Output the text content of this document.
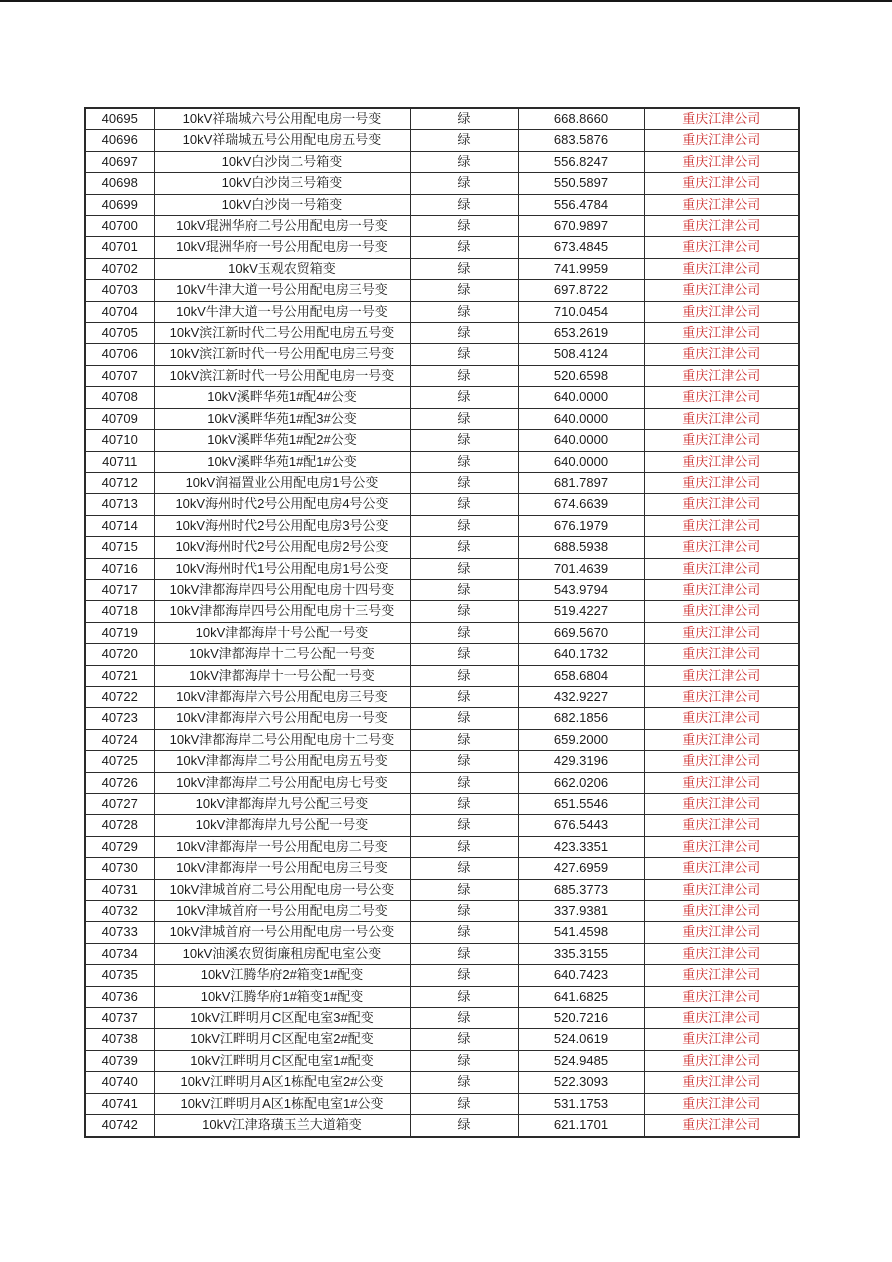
40695	10kV祥瑞城六号公用配电房一号变	绿	668.8660	重庆江津公司
40696	10kV祥瑞城五号公用配电房五号变	绿	683.5876	重庆江津公司
40697	10kV白沙岗二号箱变	绿	556.8247	重庆江津公司
40698	10kV白沙岗三号箱变	绿	550.5897	重庆江津公司
40699	10kV白沙岗一号箱变	绿	556.4784	重庆江津公司
40700	10kV琨洲华府二号公用配电房一号变	绿	670.9897	重庆江津公司
40701	10kV琨洲华府一号公用配电房一号变	绿	673.4845	重庆江津公司
40702	10kV玉观农贸箱变	绿	741.9959	重庆江津公司
40703	10kV牛津大道一号公用配电房三号变	绿	697.8722	重庆江津公司
40704	10kV牛津大道一号公用配电房一号变	绿	710.0454	重庆江津公司
40705	10kV滨江新时代二号公用配电房五号变	绿	653.2619	重庆江津公司
40706	10kV滨江新时代一号公用配电房三号变	绿	508.4124	重庆江津公司
40707	10kV滨江新时代一号公用配电房一号变	绿	520.6598	重庆江津公司
40708	10kV溪畔华苑1#配4#公变	绿	640.0000	重庆江津公司
40709	10kV溪畔华苑1#配3#公变	绿	640.0000	重庆江津公司
40710	10kV溪畔华苑1#配2#公变	绿	640.0000	重庆江津公司
40711	10kV溪畔华苑1#配1#公变	绿	640.0000	重庆江津公司
40712	10kV润福置业公用配电房1号公变	绿	681.7897	重庆江津公司
40713	10kV海州时代2号公用配电房4号公变	绿	674.6639	重庆江津公司
40714	10kV海州时代2号公用配电房3号公变	绿	676.1979	重庆江津公司
40715	10kV海州时代2号公用配电房2号公变	绿	688.5938	重庆江津公司
40716	10kV海州时代1号公用配电房1号公变	绿	701.4639	重庆江津公司
40717	10kV津都海岸四号公用配电房十四号变	绿	543.9794	重庆江津公司
40718	10kV津都海岸四号公用配电房十三号变	绿	519.4227	重庆江津公司
40719	10kV津都海岸十号公配一号变	绿	669.5670	重庆江津公司
40720	10kV津都海岸十二号公配一号变	绿	640.1732	重庆江津公司
40721	10kV津都海岸十一号公配一号变	绿	658.6804	重庆江津公司
40722	10kV津都海岸六号公用配电房三号变	绿	432.9227	重庆江津公司
40723	10kV津都海岸六号公用配电房一号变	绿	682.1856	重庆江津公司
40724	10kV津都海岸二号公用配电房十二号变	绿	659.2000	重庆江津公司
40725	10kV津都海岸二号公用配电房五号变	绿	429.3196	重庆江津公司
40726	10kV津都海岸二号公用配电房七号变	绿	662.0206	重庆江津公司
40727	10kV津都海岸九号公配三号变	绿	651.5546	重庆江津公司
40728	10kV津都海岸九号公配一号变	绿	676.5443	重庆江津公司
40729	10kV津都海岸一号公用配电房二号变	绿	423.3351	重庆江津公司
40730	10kV津都海岸一号公用配电房三号变	绿	427.6959	重庆江津公司
40731	10kV津城首府二号公用配电房一号公变	绿	685.3773	重庆江津公司
40732	10kV津城首府一号公用配电房二号变	绿	337.9381	重庆江津公司
40733	10kV津城首府一号公用配电房一号公变	绿	541.4598	重庆江津公司
40734	10kV油溪农贸街廉租房配电室公变	绿	335.3155	重庆江津公司
40735	10kV江腾华府2#箱变1#配变	绿	640.7423	重庆江津公司
40736	10kV江腾华府1#箱变1#配变	绿	641.6825	重庆江津公司
40737	10kV江畔明月C区配电室3#配变	绿	520.7216	重庆江津公司
40738	10kV江畔明月C区配电室2#配变	绿	524.0619	重庆江津公司
40739	10kV江畔明月C区配电室1#配变	绿	524.9485	重庆江津公司
40740	10kV江畔明月A区1栋配电室2#公变	绿	522.3093	重庆江津公司
40741	10kV江畔明月A区1栋配电室1#公变	绿	531.1753	重庆江津公司
40742	10kV江津珞璜玉兰大道箱变	绿	621.1701	重庆江津公司
